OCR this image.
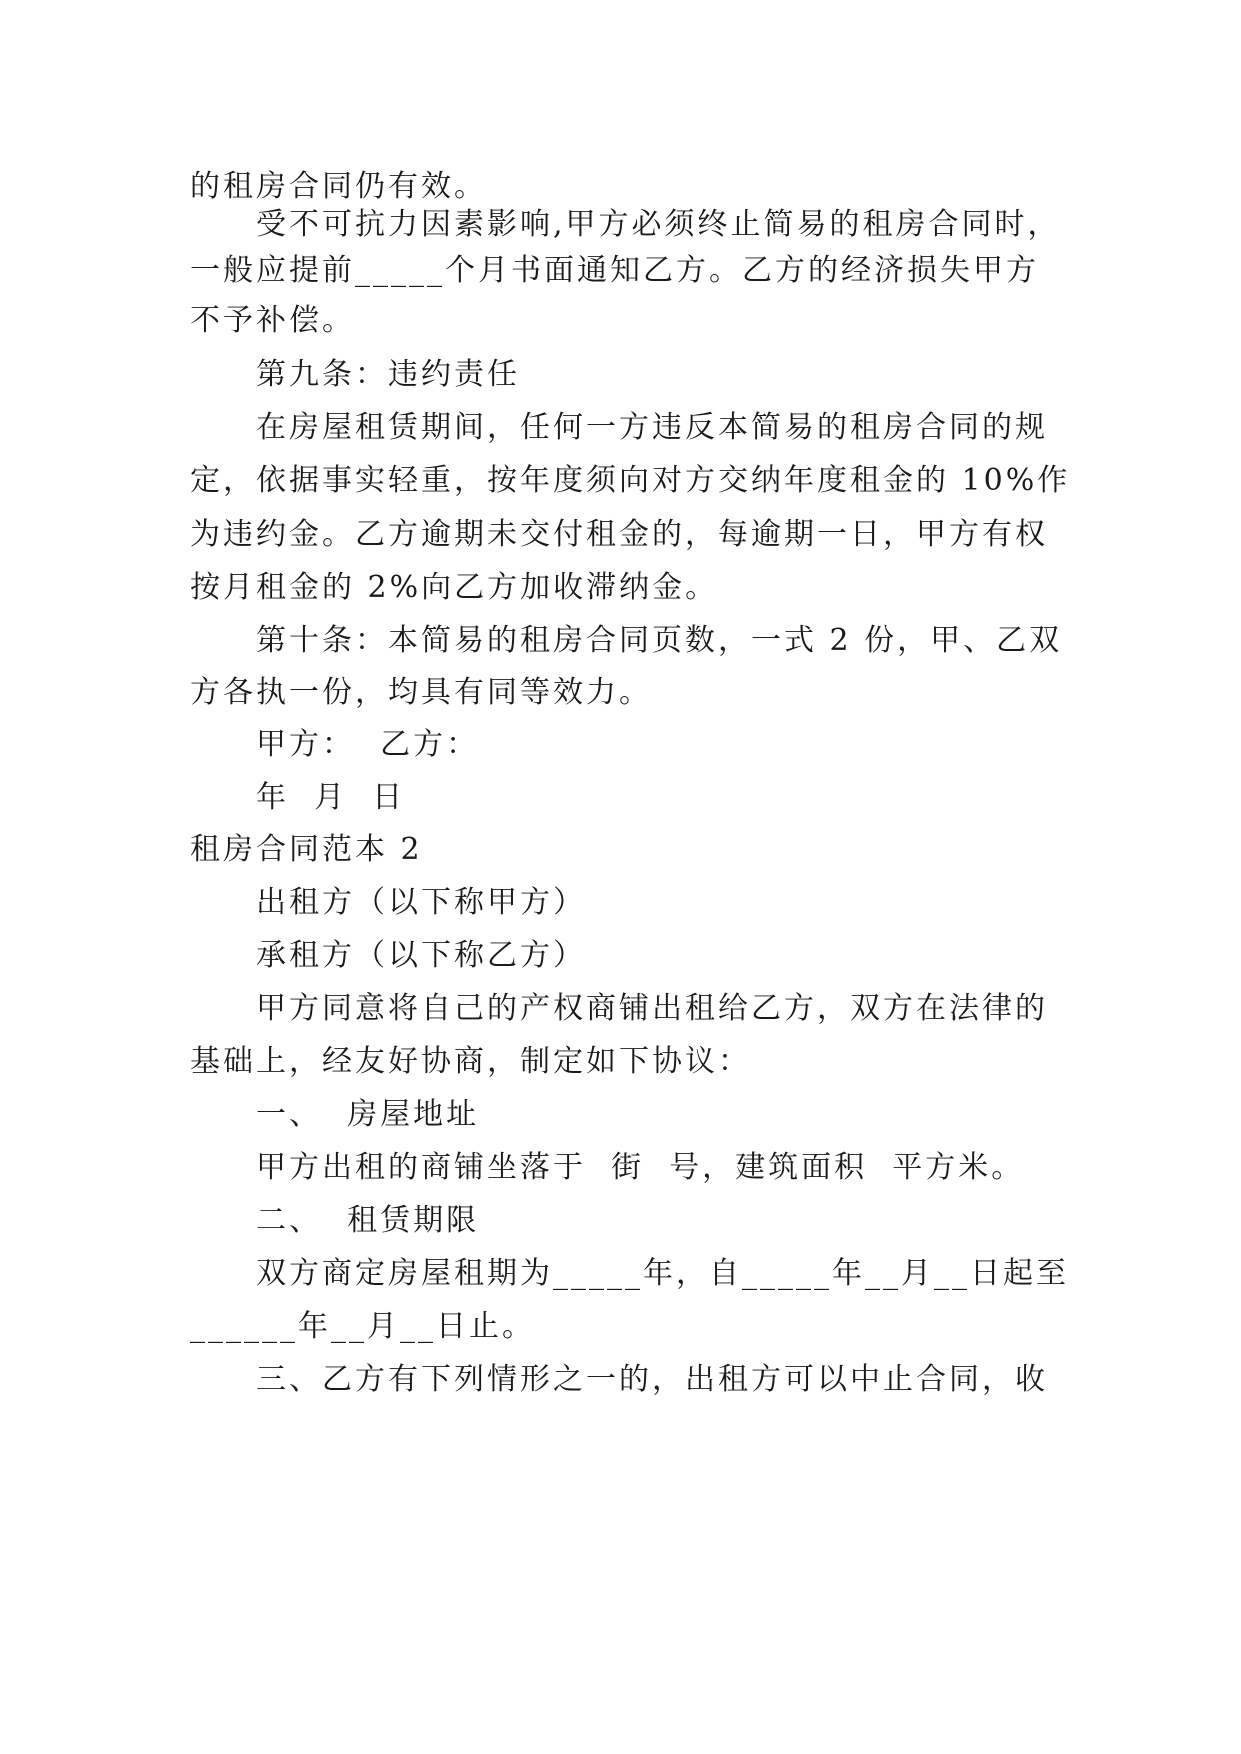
的租房合同仍有效。
受不可抗力因素影响,甲方必须终止简易的租房合同时，
一般应提前_____个月书面通知乙方。乙方的经济损失甲方
不予补偿。
第九条：违约责任
在房屋租赁期间，任何一方违反本简易的租房合同的规
定，依据事实轻重，按年度须向对方交纳年度租金的 10%作
为违约金。乙方逾期未交付租金的，每逾期一日，甲方有权
按月租金的 2%向乙方加收滞纳金。
第十条：本简易的租房合同页数，一式 2 份，甲、乙双
方各执一份，均具有同等效力。
甲方：  乙方：
年  月  日
租房合同范本 2
出租方（以下称甲方）
承租方（以下称乙方）
甲方同意将自己的产权商铺出租给乙方，双方在法律的
基础上，经友好协商，制定如下协议：
一、  房屋地址
甲方出租的商铺坐落于  街  号，建筑面积  平方米。
二、  租赁期限
双方商定房屋租期为_____年，自_____年__月__日起至
______年__月__日止。
三、乙方有下列情形之一的，出租方可以中止合同，收
